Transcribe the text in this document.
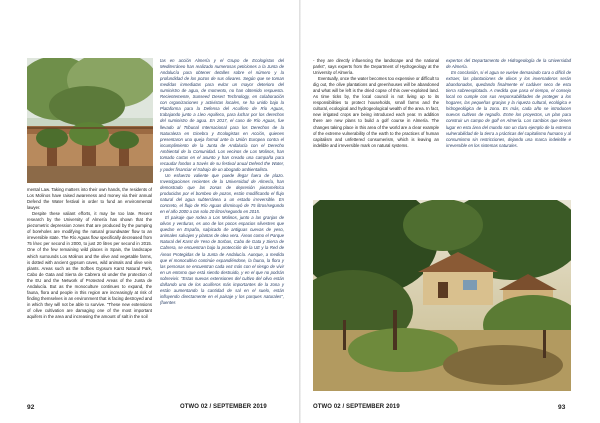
mental Law. Taking matters into their own hands, the residents of Los Molinos have raised awareness and money via their annual Defend the Water festival in order to fund an environmental lawyer.

Despite these valiant efforts, it may be too late. Recent research by the University of Almería has shown that the piezometric depression zones that are produced by the pumping of boreholes are modifying the natural groundwater flow to an irreversible state. The Río Aguas flow specifically decreased from 75 l/sec per second in 2000, to just 20 litres per second in 2015. One of the few remaining wild places in Spain, the landscape which surrounds Los Molinos and the olive and vegetable farms, is dotted with ancient gypsum caves, wild animals and olive vein plants. Areas such as the Sofbes Gypsum Karst Natural Park, Cabo de Gata and Sierra de Cabrera sit under the protection of the EU and the Network of Protected Areas of the Junta de Andalucía. But as the monoculture continues to expand, the fauna, flora and people in this region are increasingly at risk of finding themselves in an environment that is facing destroyed and in which they will not be able to survive. "These new extensions of olive cultivation are damaging one of the most important aquifers in the area and increasing the amount of salt in the soil

tas en acción Almería y el Grupo de Ecologistas del Mediterráneo han realizado numerosas peticiones a la Junta de Andalucía para obtener detalles sobre el número y la profundidad de los pozos de sus olivares. Según que se toman medidas inmediatas para evitar un mayor deterioro del suministro de agua, de momento, no han obtenido respuesta. Recientemente, Sunseed Desert Technology, en colaboración con organizaciones y activistas locales, se ha unido bajo la Plataforma para la Defensa del Acuífero de Río Aguas, trabajando junto a Lleo Aquifeco, para luchar por los derechos del suministro de agua. En 2017, el caso de Río Aguas, fue llevado al Tribunal Internacional para los Derechos de la Naturaleza en Ginebra y Ecologistas en Acción, quienes presentaron una queja formal ante la Unión Europea contra el incumplimiento de la Junta de Andalucía con el Derecho Ambiental de la Comunidad. Los vecinos de Los Molinos, han tomado cartas en el asunto y han creado una campaña para recaudar fondos a través de su festival anual Defend the Water, y poder financiar el trabajo de un abogado ambientalista.

Un esfuerzo valiente que puede llegar fuera de plazo. Investigaciones recientes de la Universidad de Almería, han demostrado que las zonas de depresión piezométrica producidas por el bombeo de pozos, están modificando el flujo natural del agua subterránea a un estado irreversible. En concreto, el flujo de Río Aguas disminuyó de 75 litros/segundo en el año 2000 a tan solo 20 litros/segundo en 2015.

El paisaje que rodea a Los Molinos, junto a las granjas de olivos y verduras, es uno de los pocos espacios silvestres que quedan en España, salpicado de antiguas cuevas de yeso, animales salvajes y plantas de olea vera. Áreas como el Parque Natural del Karst de Yeso de Sorbas, Cabo de Gata y Sierra de Cabrera, se encuentran bajo la protección de la UE y la Red de Áreas Protegidas de la Junta de Andalucía. Aunque, a medida que el monocultivo continúe expandiéndose, la fauna, la flora y las personas se encuentran cada vez más con el riesgo de vivir en un entorno que está siendo destruido, y en el que no podrán sobrevivir. "Estas nuevas extensiones del cultivo del olivo están dañando uno de los acuíferos más importantes de la zona y están aumentando la cantidad de sal en el suelo, están influyendo directamente en el paisaje y los parques naturales", (fuentes

92	OTWO 02 / SEPTEMBER 2019

- they are directly influencing the landscape and the national parks", says experts from the Department of Hydrogeology at the University of Almería.

Eventually, once the water becomes too expensive or difficult to dig out, the olive plantations and greenhouses will be abandoned and what will be left is the dried copse of this over-exploited land. As time ticks by, the local council is not living up to its responsibilities to protect households, small farms and the cultural, ecological and hydrogeological wealth of the area. In fact, new irrigated crops are being introduced each year. In addition there are new plans to build a golf course in Almería. The changes taking place in this area of the world are a clear example of the extreme vulnerability of the earth to the practices of human capitalism and unfettered consumerism, which is leaving an indelible and irreversible mark on natural systems.

expertos del Departamento de Hidrogeología de la Universidad de Almería.

En conclusión, si el agua se vuelve demasiado cara o difícil de extraer, las plantaciones de olivos y los invernaderos serán abandonados, quedando finalmente el cadáver seco de esta tierra sobreexplotada. A medida que pasa el tiempo, el consejo local no cumple con sus responsabilidades de proteger a los hogares, las pequeñas granjas y la riqueza cultural, ecológica e hidrogeológica de la zona. Es más, cada año se introducen nuevos cultivos de regadío. Entre los proyectos, un plan para construir un campo de golf en Almería. Los cambios que tienen lugar en esta área del mundo son un claro ejemplo de la extrema vulnerabilidad de la tierra a prácticas del capitalismo humano y al consumismo sin restricciones, dejando una marca indeleble e irreversible en los sistemas naturales.

OTWO 02 / SEPTEMBER 2019	93
